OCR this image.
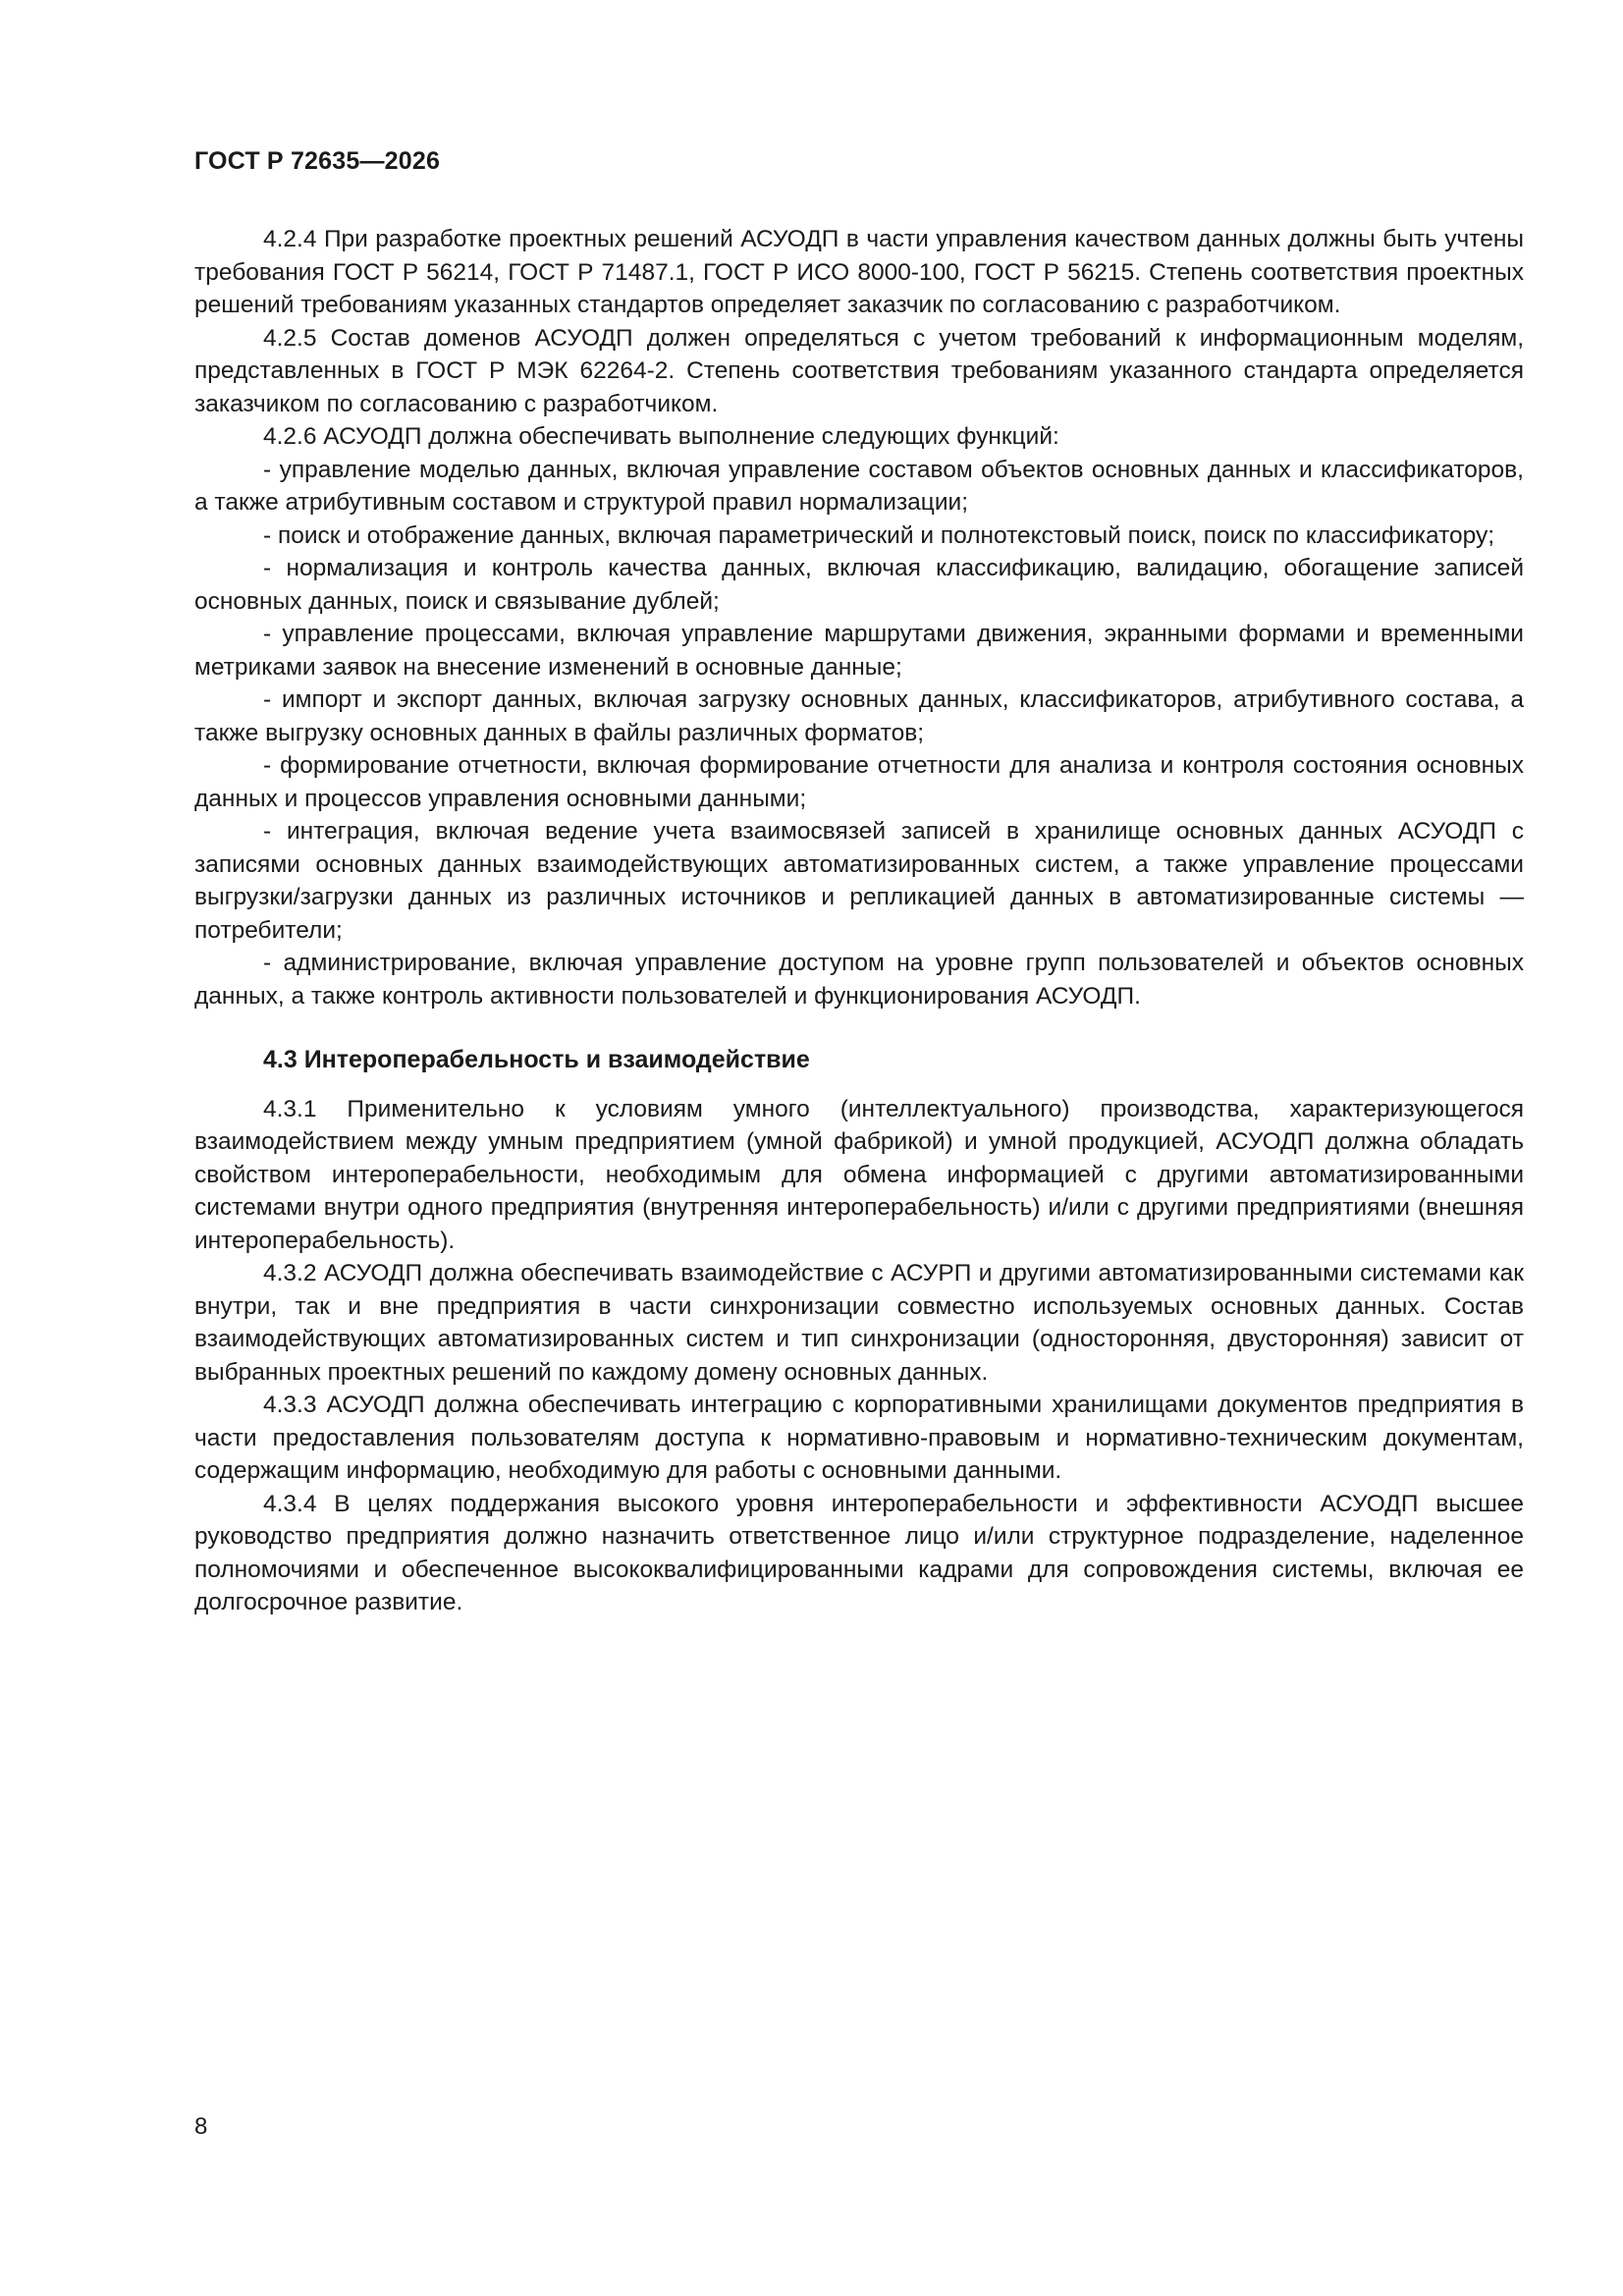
ГОСТ Р 72635—2026

4.2.4 При разработке проектных решений АСУОДП в части управления качеством данных должны быть учтены требования ГОСТ Р 56214, ГОСТ Р 71487.1, ГОСТ Р ИСО 8000-100, ГОСТ Р 56215. Степень соответствия проектных решений требованиям указанных стандартов определяет заказчик по согласованию с разработчиком.

4.2.5 Состав доменов АСУОДП должен определяться с учетом требований к информационным моделям, представленных в ГОСТ Р МЭК 62264-2. Степень соответствия требованиям указанного стандарта определяется заказчиком по согласованию с разработчиком.

4.2.6 АСУОДП должна обеспечивать выполнение следующих функций:

- управление моделью данных, включая управление составом объектов основных данных и классификаторов, а также атрибутивным составом и структурой правил нормализации;

- поиск и отображение данных, включая параметрический и полнотекстовый поиск, поиск по классификатору;

- нормализация и контроль качества данных, включая классификацию, валидацию, обогащение записей основных данных, поиск и связывание дублей;

- управление процессами, включая управление маршрутами движения, экранными формами и временными метриками заявок на внесение изменений в основные данные;

- импорт и экспорт данных, включая загрузку основных данных, классификаторов, атрибутивного состава, а также выгрузку основных данных в файлы различных форматов;

- формирование отчетности, включая формирование отчетности для анализа и контроля состояния основных данных и процессов управления основными данными;

- интеграция, включая ведение учета взаимосвязей записей в хранилище основных данных АСУОДП с записями основных данных взаимодействующих автоматизированных систем, а также управление процессами выгрузки/загрузки данных из различных источников и репликацией данных в автоматизированные системы — потребители;

- администрирование, включая управление доступом на уровне групп пользователей и объектов основных данных, а также контроль активности пользователей и функционирования АСУОДП.

4.3 Интероперабельность и взаимодействие

4.3.1 Применительно к условиям умного (интеллектуального) производства, характеризующегося взаимодействием между умным предприятием (умной фабрикой) и умной продукцией, АСУОДП должна обладать свойством интероперабельности, необходимым для обмена информацией с другими автоматизированными системами внутри одного предприятия (внутренняя интероперабельность) и/или с другими предприятиями (внешняя интероперабельность).

4.3.2 АСУОДП должна обеспечивать взаимодействие с АСУРП и другими автоматизированными системами как внутри, так и вне предприятия в части синхронизации совместно используемых основных данных. Состав взаимодействующих автоматизированных систем и тип синхронизации (односторонняя, двусторонняя) зависит от выбранных проектных решений по каждому домену основных данных.

4.3.3 АСУОДП должна обеспечивать интеграцию с корпоративными хранилищами документов предприятия в части предоставления пользователям доступа к нормативно-правовым и нормативно-техническим документам, содержащим информацию, необходимую для работы с основными данными.

4.3.4 В целях поддержания высокого уровня интероперабельности и эффективности АСУОДП высшее руководство предприятия должно назначить ответственное лицо и/или структурное подразделение, наделенное полномочиями и обеспеченное высококвалифицированными кадрами для сопровождения системы, включая ее долгосрочное развитие.

8
